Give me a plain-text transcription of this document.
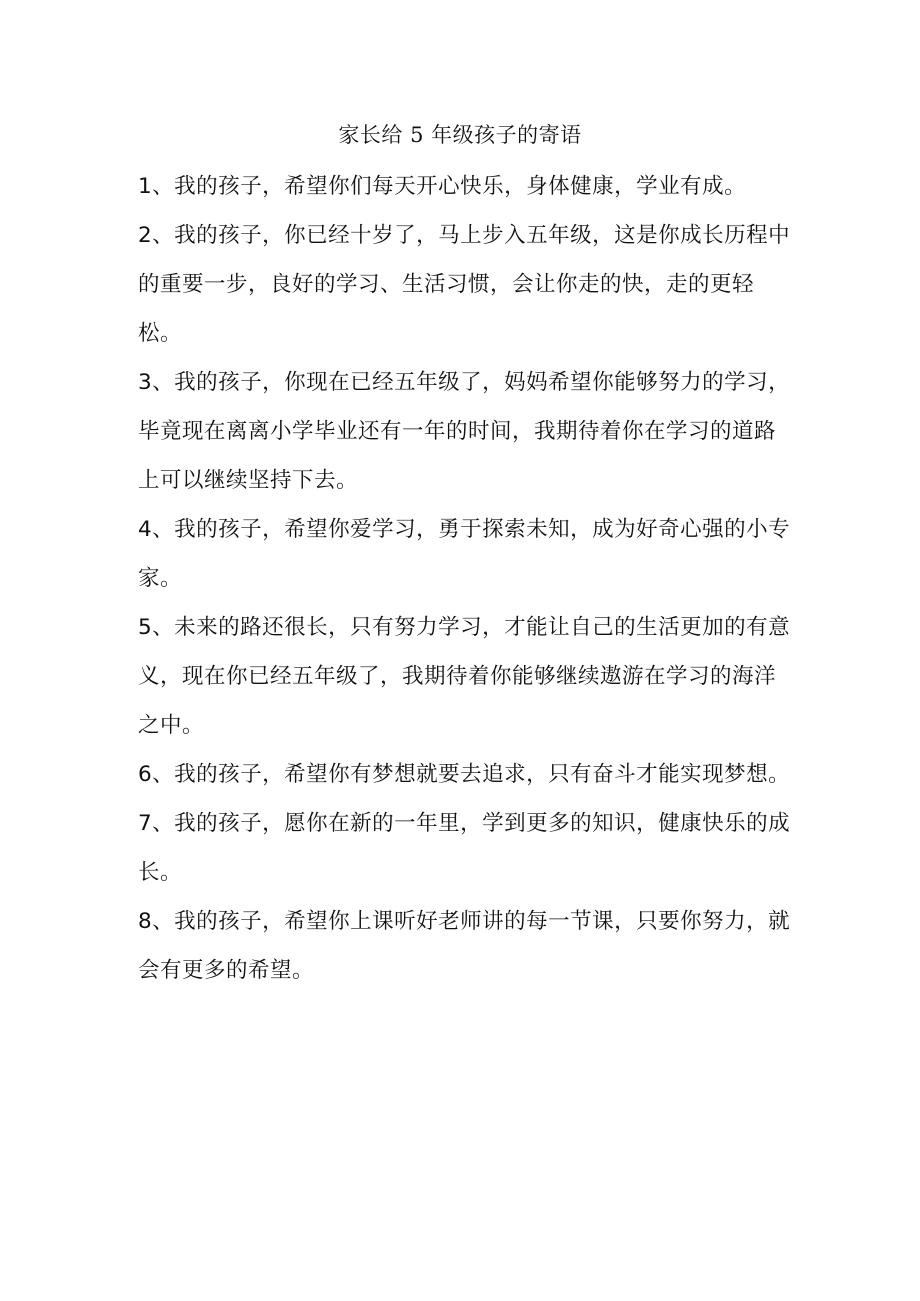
家长给 5 年级孩子的寄语

1、我的孩子，希望你们每天开心快乐，身体健康，学业有成。

2、我的孩子，你已经十岁了，马上步入五年级，这是你成长历程中的重要一步，良好的学习、生活习惯，会让你走的快，走的更轻松。

3、我的孩子，你现在已经五年级了，妈妈希望你能够努力的学习，毕竟现在离离小学毕业还有一年的时间，我期待着你在学习的道路上可以继续坚持下去。

4、我的孩子，希望你爱学习，勇于探索未知，成为好奇心强的小专家。

5、未来的路还很长，只有努力学习，才能让自己的生活更加的有意义，现在你已经五年级了，我期待着你能够继续遨游在学习的海洋之中。

6、我的孩子，希望你有梦想就要去追求，只有奋斗才能实现梦想。

7、我的孩子，愿你在新的一年里，学到更多的知识，健康快乐的成长。

8、我的孩子，希望你上课听好老师讲的每一节课，只要你努力，就会有更多的希望。
